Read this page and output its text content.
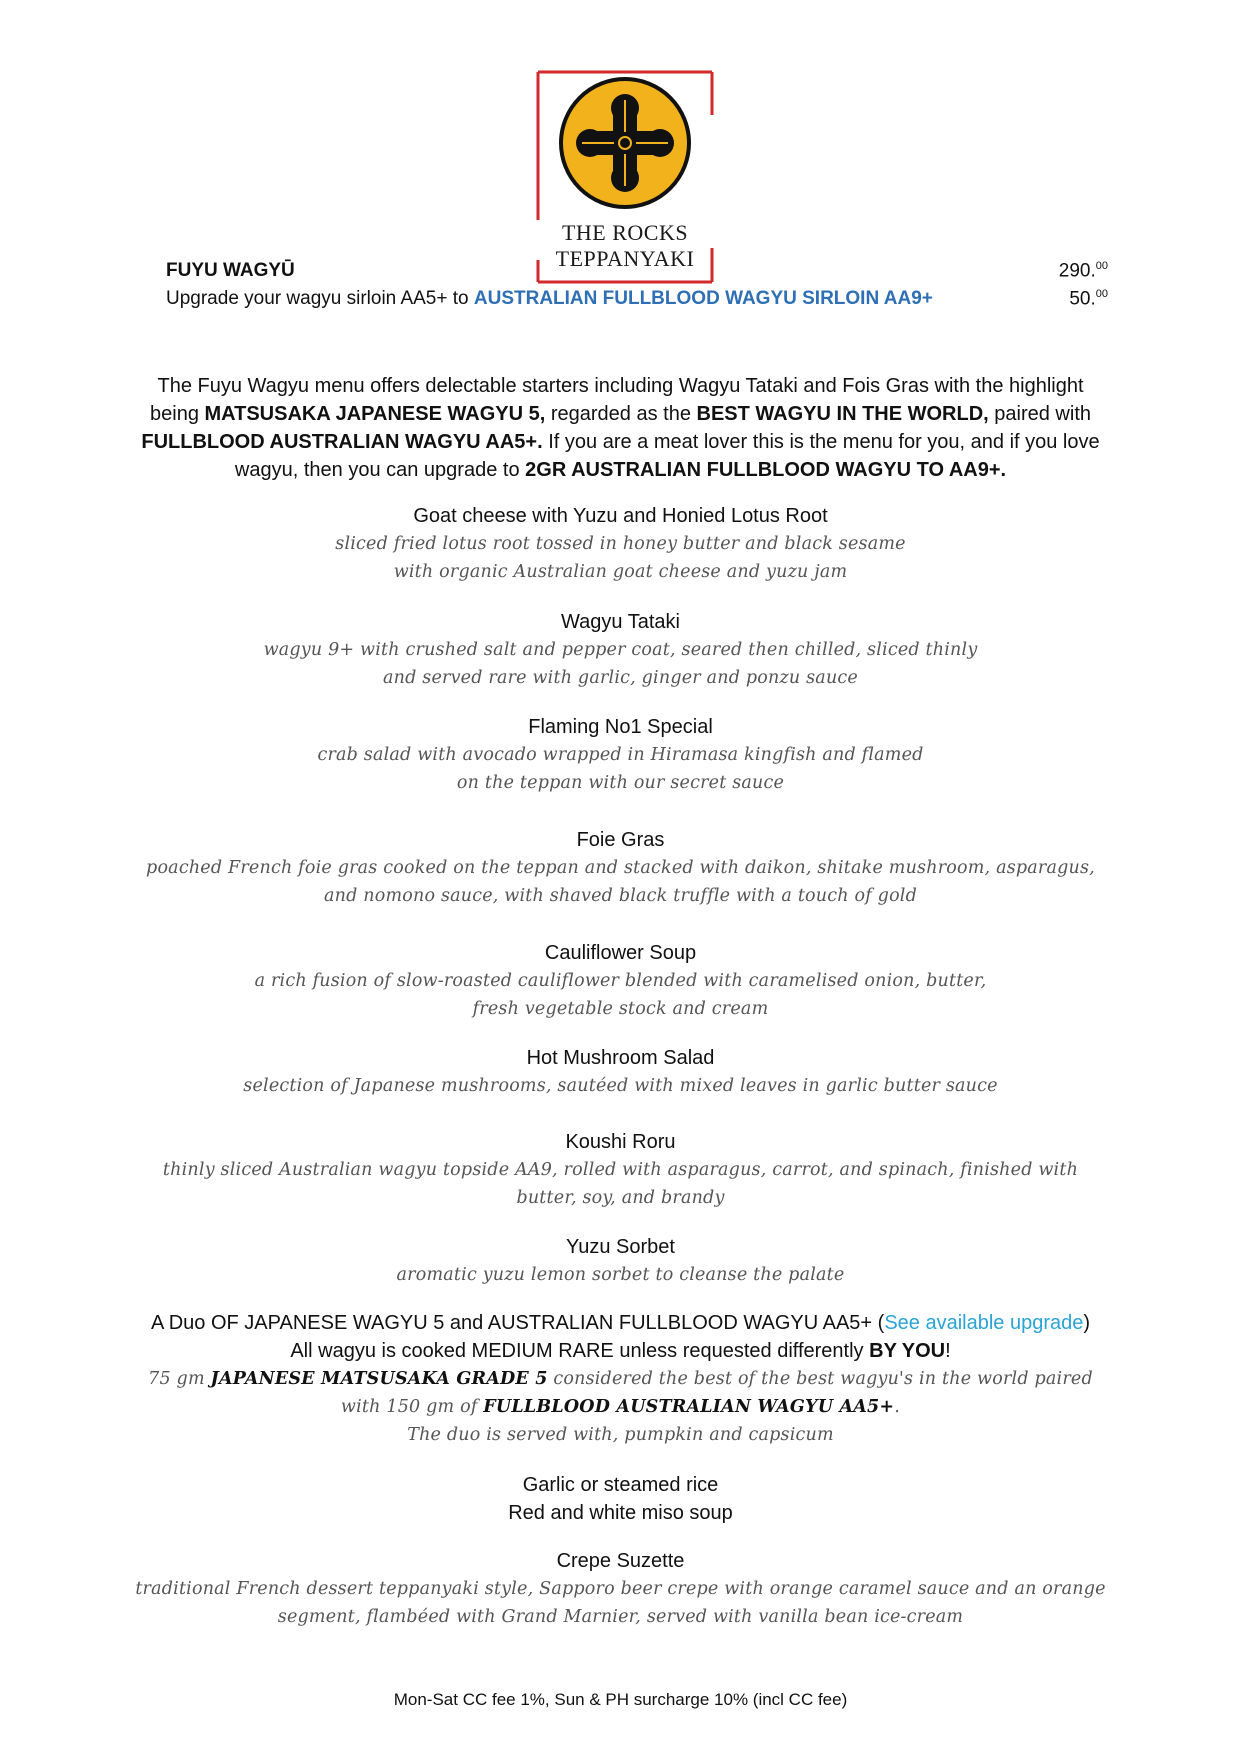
THE ROCKS
TEPPANYAKI
FUYU WAGYŪ	290.00
Upgrade your wagyu sirloin AA5+ to AUSTRALIAN FULLBLOOD WAGYU SIRLOIN AA9+	50.00
The Fuyu Wagyu menu offers delectable starters including Wagyu Tataki and Fois Gras with the highlight being MATSUSAKA JAPANESE WAGYU 5, regarded as the BEST WAGYU IN THE WORLD, paired with FULLBLOOD AUSTRALIAN WAGYU AA5+. If you are a meat lover this is the menu for you, and if you love wagyu, then you can upgrade to 2GR AUSTRALIAN FULLBLOOD WAGYU TO AA9+.
Goat cheese with Yuzu and Honied Lotus Root
sliced fried lotus root tossed in honey butter and black sesame
with organic Australian goat cheese and yuzu jam
Wagyu Tataki
wagyu 9+ with crushed salt and pepper coat, seared then chilled, sliced thinly
and served rare with garlic, ginger and ponzu sauce
Flaming No1 Special
crab salad with avocado wrapped in Hiramasa kingfish and flamed
on the teppan with our secret sauce
Foie Gras
poached French foie gras cooked on the teppan and stacked with daikon, shitake mushroom, asparagus,
and nomono sauce, with shaved black truffle with a touch of gold
Cauliflower Soup
a rich fusion of slow-roasted cauliflower blended with caramelised onion, butter,
fresh vegetable stock and cream
Hot Mushroom Salad
selection of Japanese mushrooms, sautéed with mixed leaves in garlic butter sauce
Koushi Roru
thinly sliced Australian wagyu topside AA9, rolled with asparagus, carrot, and spinach, finished with
butter, soy, and brandy
Yuzu Sorbet
aromatic yuzu lemon sorbet to cleanse the palate
A Duo OF JAPANESE WAGYU 5 and AUSTRALIAN FULLBLOOD WAGYU AA5+ (See available upgrade)
All wagyu is cooked MEDIUM RARE unless requested differently BY YOU!
75 gm JAPANESE MATSUSAKA GRADE 5 considered the best of the best wagyu's in the world paired
with 150 gm of FULLBLOOD AUSTRALIAN WAGYU AA5+.
The duo is served with, pumpkin and capsicum
Garlic or steamed rice
Red and white miso soup
Crepe Suzette
traditional French dessert teppanyaki style, Sapporo beer crepe with orange caramel sauce and an orange
segment, flambéed with Grand Marnier, served with vanilla bean ice-cream
Mon-Sat CC fee 1%, Sun & PH surcharge 10% (incl CC fee)
